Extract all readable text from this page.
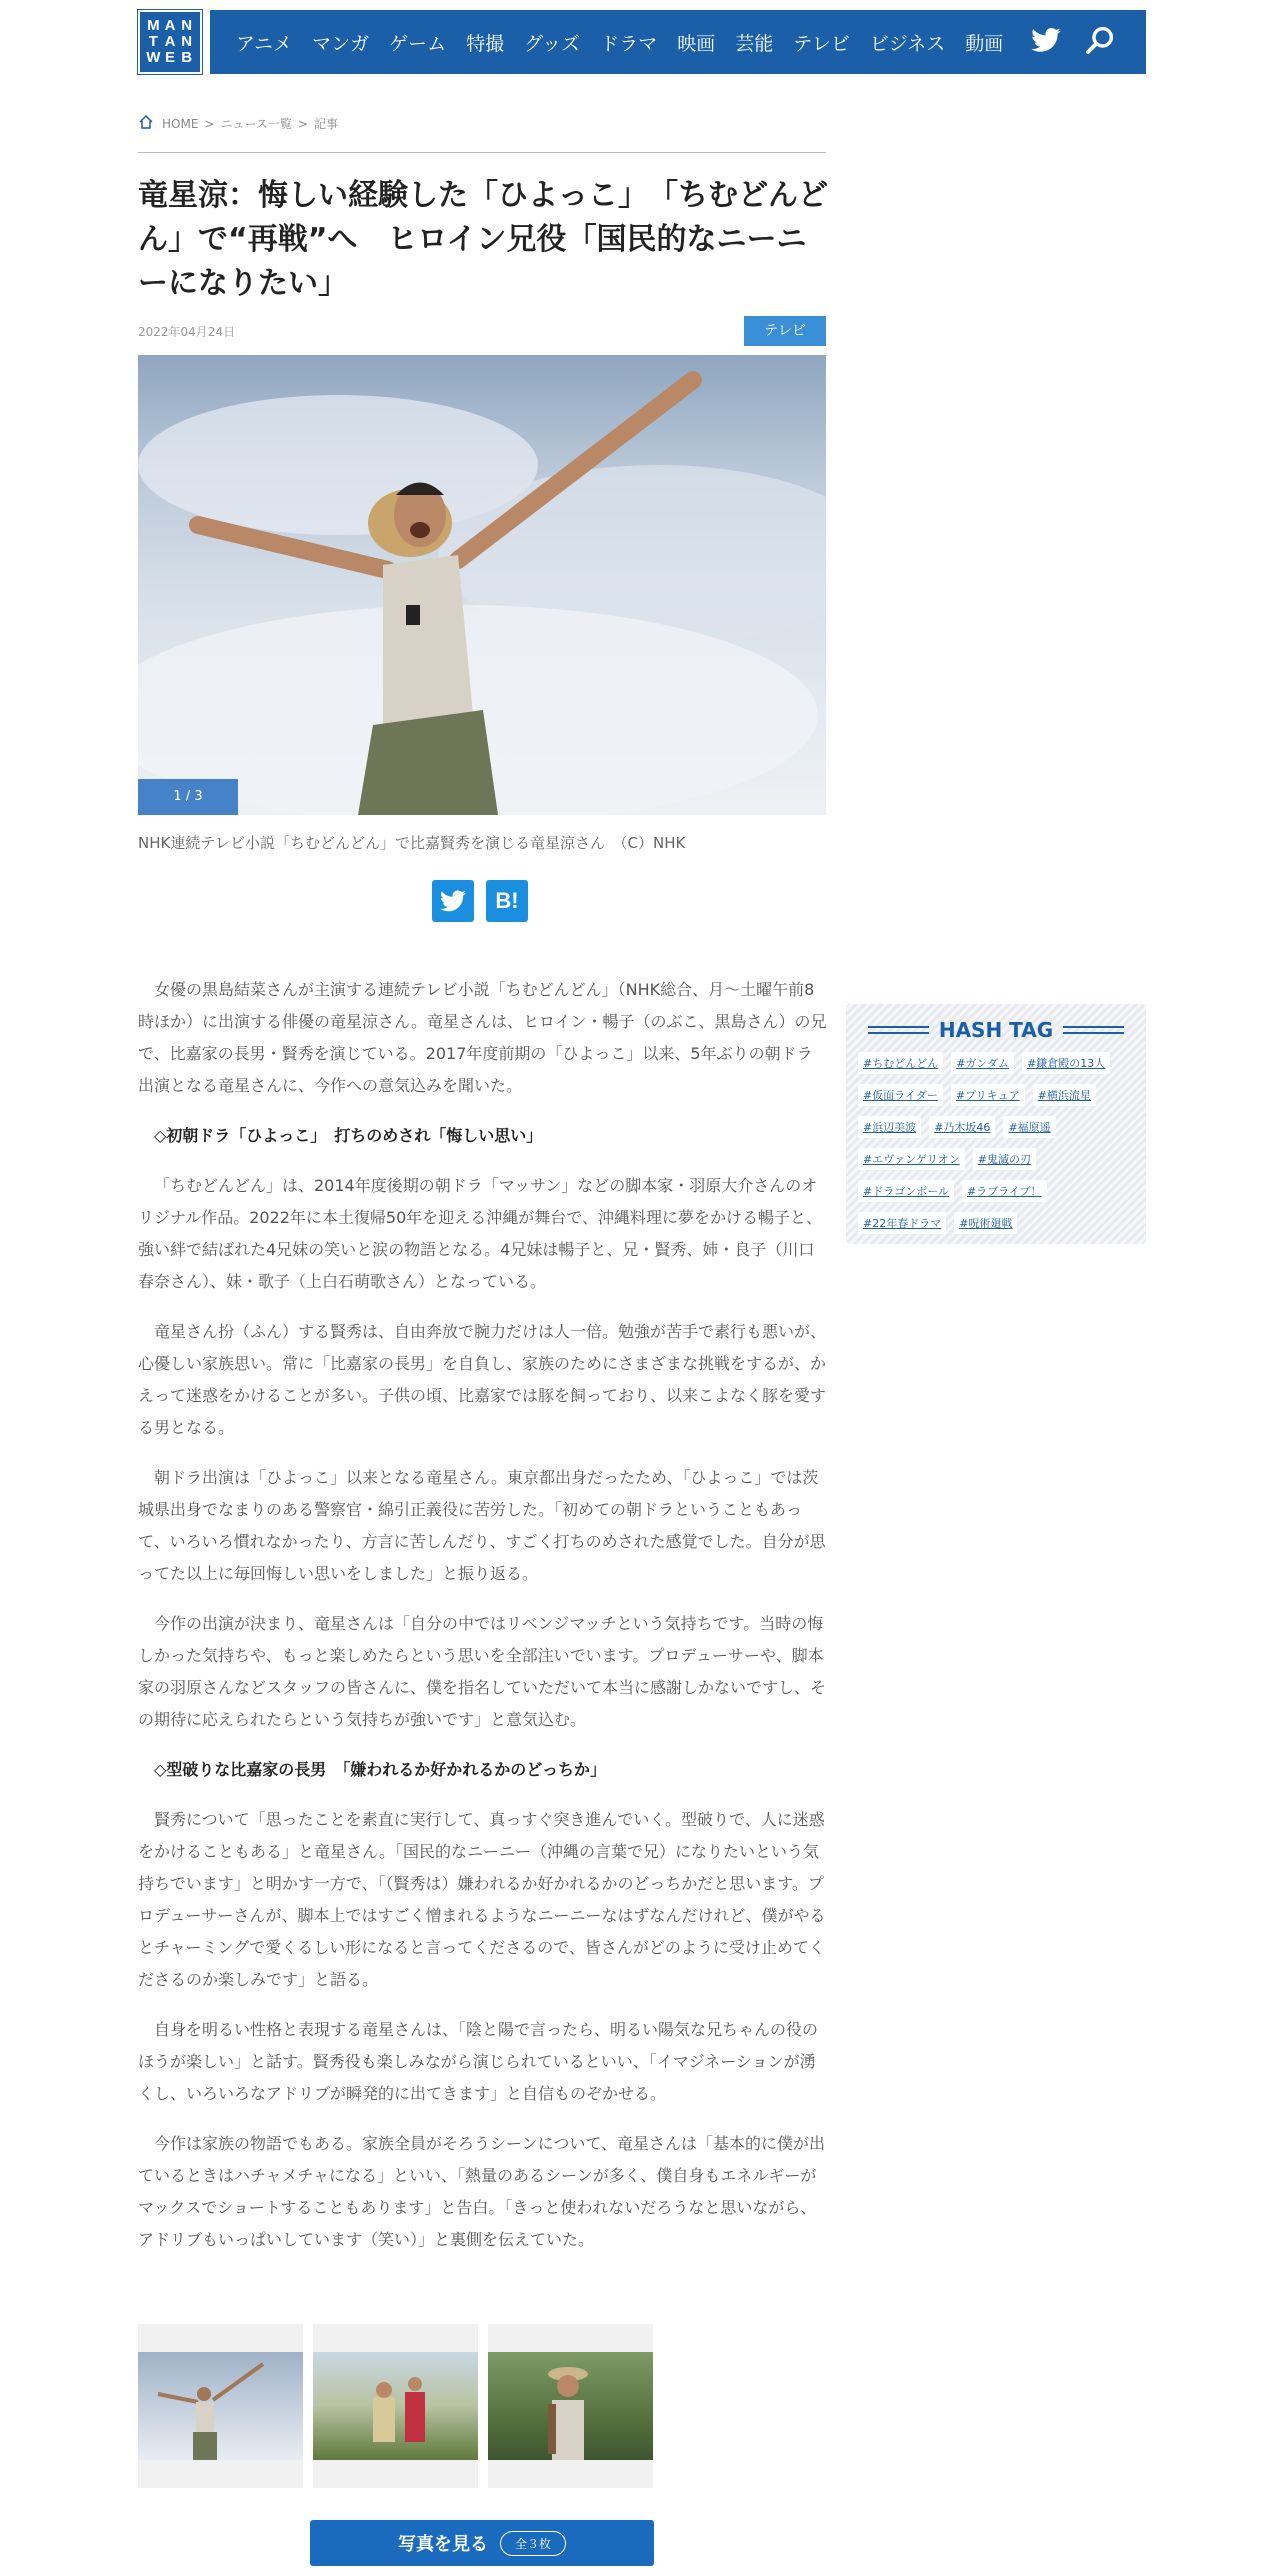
M A N
T A N
W E B
アニメ マンガ ゲーム 特撮 グッズ ドラマ 映画 芸能 テレビ ビジネス 動画
HOME > ニュース一覧 > 記事
竜星涼：悔しい経験した「ひよっこ」　「ちむどんどん」で“再戦”へ　ヒロイン兄役「国民的なニーニーになりたい」
2022年04月24日	テレビ
1 / 3
NHK連続テレビ小説「ちむどんどん」で比嘉賢秀を演じる竜星涼さん　（C）NHK
B!

女優の黒島結菜さんが主演する連続テレビ小説「ちむどんどん」（NHK総合、月～土曜午前8時ほか）に出演する俳優の竜星涼さん。竜星さんは、ヒロイン・暢子（のぶこ、黒島さん）の兄で、比嘉家の長男・賢秀を演じている。2017年度前期の「ひよっこ」以来、5年ぶりの朝ドラ出演となる竜星さんに、今作への意気込みを聞いた。

◇初朝ドラ「ひよっこ」　打ちのめされ「悔しい思い」

「ちむどんどん」は、2014年度後期の朝ドラ「マッサン」などの脚本家・羽原大介さんのオリジナル作品。2022年に本土復帰50年を迎える沖縄が舞台で、沖縄料理に夢をかける暢子と、強い絆で結ばれた4兄妹の笑いと涙の物語となる。4兄妹は暢子と、兄・賢秀、姉・良子（川口春奈さん）、妹・歌子（上白石萌歌さん）となっている。

竜星さん扮（ふん）する賢秀は、自由奔放で腕力だけは人一倍。勉強が苦手で素行も悪いが、心優しい家族思い。常に「比嘉家の長男」を自負し、家族のためにさまざまな挑戦をするが、かえって迷惑をかけることが多い。子供の頃、比嘉家では豚を飼っており、以来こよなく豚を愛する男となる。

朝ドラ出演は「ひよっこ」以来となる竜星さん。東京都出身だったため、「ひよっこ」では茨城県出身でなまりのある警察官・綿引正義役に苦労した。「初めての朝ドラということもあって、いろいろ慣れなかったり、方言に苦しんだり、すごく打ちのめされた感覚でした。自分が思ってた以上に毎回悔しい思いをしました」と振り返る。

今作の出演が決まり、竜星さんは「自分の中ではリベンジマッチという気持ちです。当時の悔しかった気持ちや、もっと楽しめたらという思いを全部注いでいます。プロデューサーや、脚本家の羽原さんなどスタッフの皆さんに、僕を指名していただいて本当に感謝しかないですし、その期待に応えられたらという気持ちが強いです」と意気込む。

◇型破りな比嘉家の長男　「嫌われるか好かれるかのどっちか」

賢秀について「思ったことを素直に実行して、真っすぐ突き進んでいく。型破りで、人に迷惑をかけることもある」と竜星さん。「国民的なニーニー（沖縄の言葉で兄）になりたいという気持ちでいます」と明かす一方で、「（賢秀は）嫌われるか好かれるかのどっちかだと思います。プロデューサーさんが、脚本上ではすごく憎まれるようなニーニーなはずなんだけれど、僕がやるとチャーミングで愛くるしい形になると言ってくださるので、皆さんがどのように受け止めてくださるのか楽しみです」と語る。

自身を明るい性格と表現する竜星さんは、「陰と陽で言ったら、明るい陽気な兄ちゃんの役のほうが楽しい」と話す。賢秀役も楽しみながら演じられているといい、「イマジネーションが湧くし、いろいろなアドリブが瞬発的に出てきます」と自信ものぞかせる。

今作は家族の物語でもある。家族全員がそろうシーンについて、竜星さんは「基本的に僕が出ているときはハチャメチャになる」といい、「熱量のあるシーンが多く、僕自身もエネルギーがマックスでショートすることもあります」と告白。「きっと使われないだろうなと思いながら、アドリブもいっぱいしています（笑い）」と裏側を伝えていた。

HASH TAG
#ちむどんどん	#ガンダム	#鎌倉殿の13人
#仮面ライダー	#プリキュア	#横浜流星
#浜辺美波	#乃木坂46	#福原遥
#エヴァンゲリオン	#鬼滅の刃
#ドラゴンボール	#ラブライブ！
#22年春ドラマ	#呪術廻戦
写真を見る	全３枚
